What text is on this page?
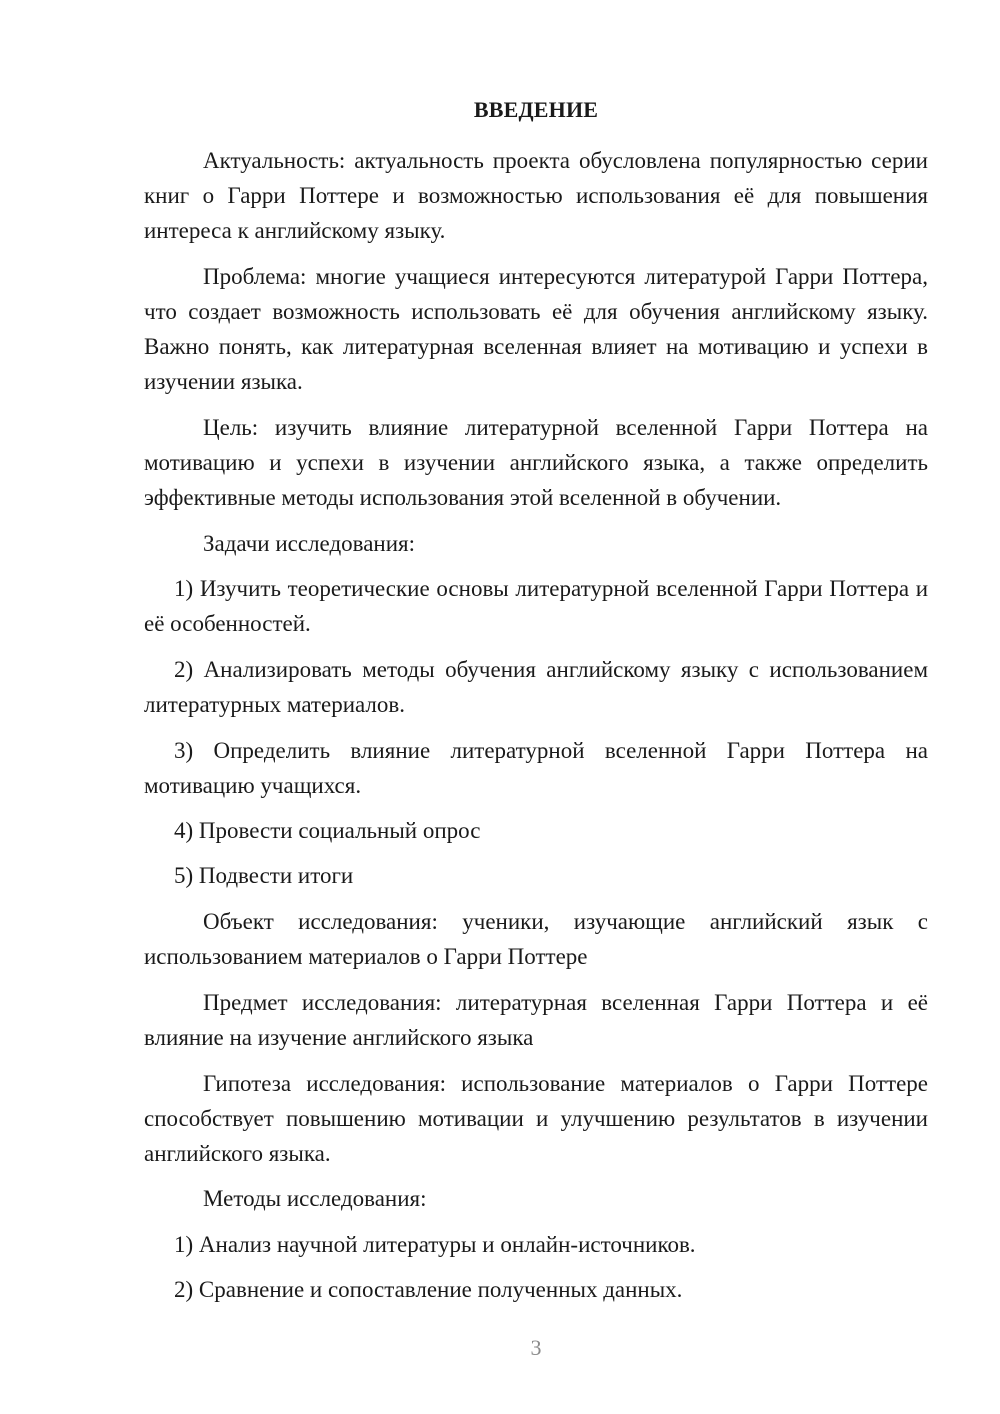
ВВЕДЕНИЕ
Актуальность: актуальность проекта обусловлена популярностью серии книг о Гарри Поттере и возможностью использования её для повышения интереса к английскому языку.
Проблема: многие учащиеся интересуются литературой Гарри Поттера, что создает возможность использовать её для обучения английскому языку. Важно понять, как литературная вселенная влияет на мотивацию и успехи в изучении языка.
Цель: изучить влияние литературной вселенной Гарри Поттера на мотивацию и успехи в изучении английского языка, а также определить эффективные методы использования этой вселенной в обучении.
Задачи исследования:
1) Изучить теоретические основы литературной вселенной Гарри Поттера и её особенностей.
2) Анализировать методы обучения английскому языку с использованием литературных материалов.
3) Определить влияние литературной вселенной Гарри Поттера на мотивацию учащихся.
4) Провести социальный опрос
5) Подвести итоги
Объект исследования: ученики, изучающие английский язык с использованием материалов о Гарри Поттере
Предмет исследования: литературная вселенная Гарри Поттера и её влияние на изучение английского языка
Гипотеза исследования: использование материалов о Гарри Поттере способствует повышению мотивации и улучшению результатов в изучении английского языка.
Методы исследования:
1) Анализ научной литературы и онлайн-источников.
2) Сравнение и сопоставление полученных данных.
3
